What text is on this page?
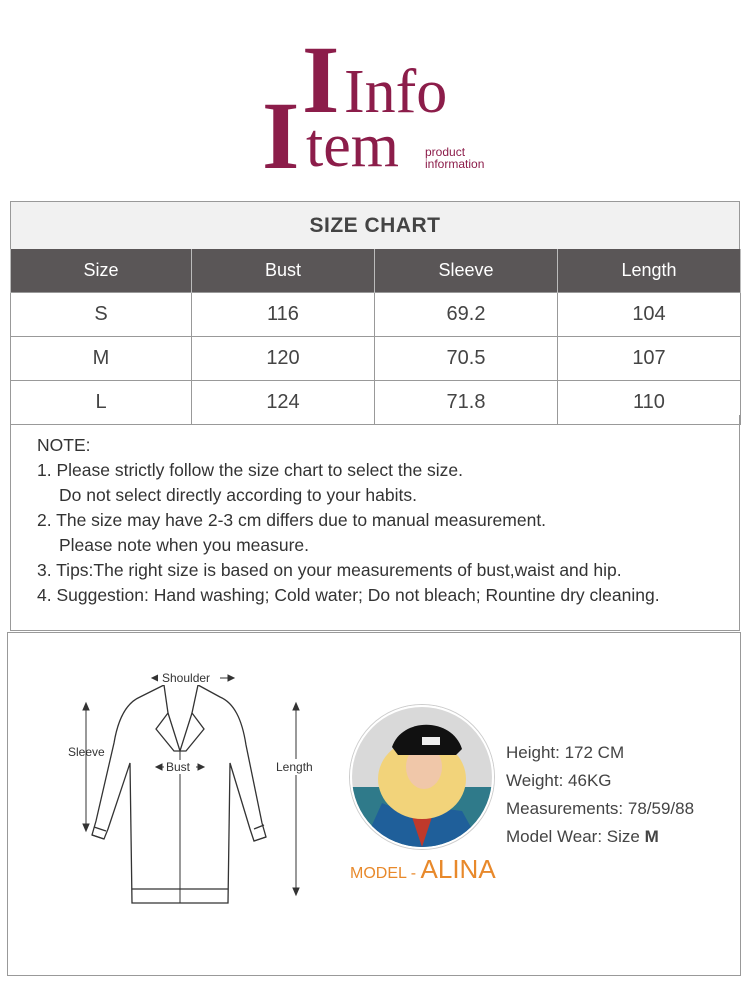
I
I Info
tem product
information
SIZE CHART
Size	Bust	Sleeve	Length
S	116	69.2	104
M	120	70.5	107
L	124	71.8	110
NOTE:
1. Please strictly follow the size chart to select the size.
Do not select directly according to your habits.
2. The size may have 2-3 cm differs due to manual measurement.
Please note when you measure.
3. Tips:The right size is based on your measurements of bust,waist and hip.
4. Suggestion: Hand washing; Cold water; Do not bleach; Rountine dry cleaning.
Shoulder
Bust
Sleeve
Length
MODEL - ALINA
Height: 172 CM
Weight: 46KG
Measurements: 78/59/88
Model Wear: Size M
